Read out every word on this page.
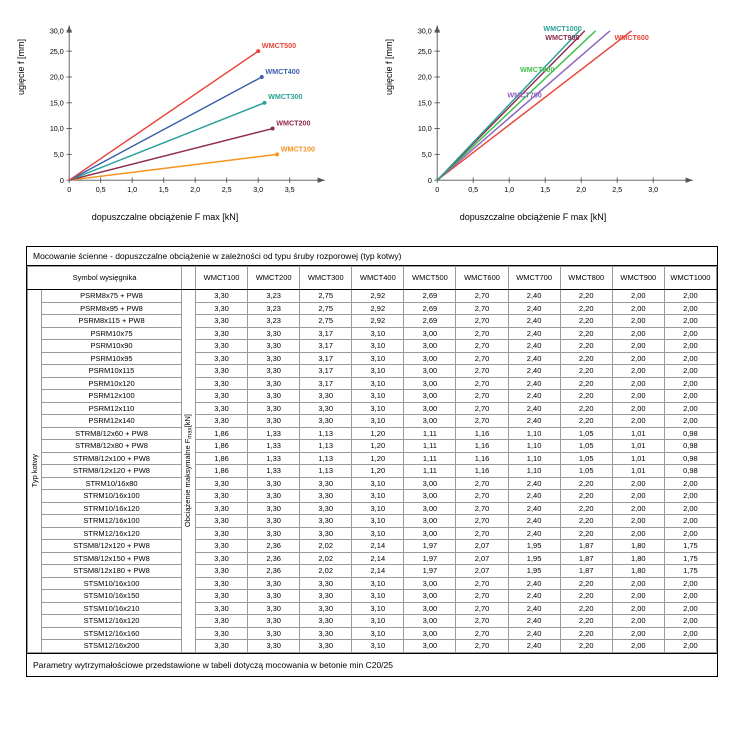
ugięcie f [mm]
0
5,0
10,0
15,0
20,0
25,0
30,0
0	0,5	1,0	1,5	2,0	2,5	3,0	3,5
WMCT100
WMCT200
WMCT300
WMCT400
WMCT500
dopuszczalne obciążenie F max [kN]
ugięcie f [mm]
0
5,0
10,0
15,0
20,0
25,0
30,0
0	0,5	1,0	1,5	2,0	2,5	3,0
WMCT600
WMCT700
WMCT800
WMCT900
WMCT1000
dopuszczalne obciążenie F max [kN]
Mocowanie ścienne - dopuszczalne obciążenie w zależności od typu śruby rozporowej (typ kotwy)
Symbol wysięgnika			WMCT100	WMCT200	WMCT300	WMCT400	WMCT500	WMCT600	WMCT700	WMCT800	WMCT900	WMCT1000

Typ kotwy	PSRM8x75 + PW8	Obciążenie maksymalne $F_{max}[kN]$	3,30	3,23	2,75	2,92	2,69	2,70	2,40	2,20	2,00	2,00
	PSRM8x95 + PW8		3,30	3,23	2,75	2,92	2,69	2,70	2,40	2,20	2,00	2,00
	PSRM8x115 + PW8		3,30	3,23	2,75	2,92	2,69	2,70	2,40	2,20	2,00	2,00
	PSRM10x75		3,30	3,30	3,17	3,10	3,00	2,70	2,40	2,20	2,00	2,00
	PSRM10x90		3,30	3,30	3,17	3,10	3,00	2,70	2,40	2,20	2,00	2,00
	PSRM10x95		3,30	3,30	3,17	3,10	3,00	2,70	2,40	2,20	2,00	2,00
	PSRM10x115		3,30	3,30	3,17	3,10	3,00	2,70	2,40	2,20	2,00	2,00
	PSRM10x120		3,30	3,30	3,17	3,10	3,00	2,70	2,40	2,20	2,00	2,00
	PSRM12x100		3,30	3,30	3,30	3,10	3,00	2,70	2,40	2,20	2,00	2,00
	PSRM12x110		3,30	3,30	3,30	3,10	3,00	2,70	2,40	2,20	2,00	2,00
	PSRM12x140		3,30	3,30	3,30	3,10	3,00	2,70	2,40	2,20	2,00	2,00
	STRM8/12x60 + PW8		1,86	1,33	1,13	1,20	1,11	1,16	1,10	1,05	1,01	0,98
	STRM8/12x80 + PW8		1,86	1,33	1,13	1,20	1,11	1,16	1,10	1,05	1,01	0,98
	STRM8/12x100 + PW8		1,86	1,33	1,13	1,20	1,11	1,16	1,10	1,05	1,01	0,98
	STRM8/12x120 + PW8		1,86	1,33	1,13	1,20	1,11	1,16	1,10	1,05	1,01	0,98
	STRM10/16x80		3,30	3,30	3,30	3,10	3,00	2,70	2,40	2,20	2,00	2,00
	STRM10/16x100		3,30	3,30	3,30	3,10	3,00	2,70	2,40	2,20	2,00	2,00
	STRM10/16x120		3,30	3,30	3,30	3,10	3,00	2,70	2,40	2,20	2,00	2,00
	STRM12/16x100		3,30	3,30	3,30	3,10	3,00	2,70	2,40	2,20	2,00	2,00
	STRM12/16x120		3,30	3,30	3,30	3,10	3,00	2,70	2,40	2,20	2,00	2,00
	STSM8/12x120 + PW8		3,30	2,36	2,02	2,14	1,97	2,07	1,95	1,87	1,80	1,75
	STSM8/12x150 + PW8		3,30	2,36	2,02	2,14	1,97	2,07	1,95	1,87	1,80	1,75
	STSM8/12x180 + PW8		3,30	2,36	2,02	2,14	1,97	2,07	1,95	1,87	1,80	1,75
	STSM10/16x100		3,30	3,30	3,30	3,10	3,00	2,70	2,40	2,20	2,00	2,00
	STSM10/16x150		3,30	3,30	3,30	3,10	3,00	2,70	2,40	2,20	2,00	2,00
	STSM10/16x210		3,30	3,30	3,30	3,10	3,00	2,70	2,40	2,20	2,00	2,00
	STSM12/16x120		3,30	3,30	3,30	3,10	3,00	2,70	2,40	2,20	2,00	2,00
	STSM12/16x160		3,30	3,30	3,30	3,10	3,00	2,70	2,40	2,20	2,00	2,00
	STSM12/16x200		3,30	3,30	3,30	3,10	3,00	2,70	2,40	2,20	2,00	2,00
Parametry wytrzymałościowe przedstawione w tabeli dotyczą mocowania w betonie min C20/25
